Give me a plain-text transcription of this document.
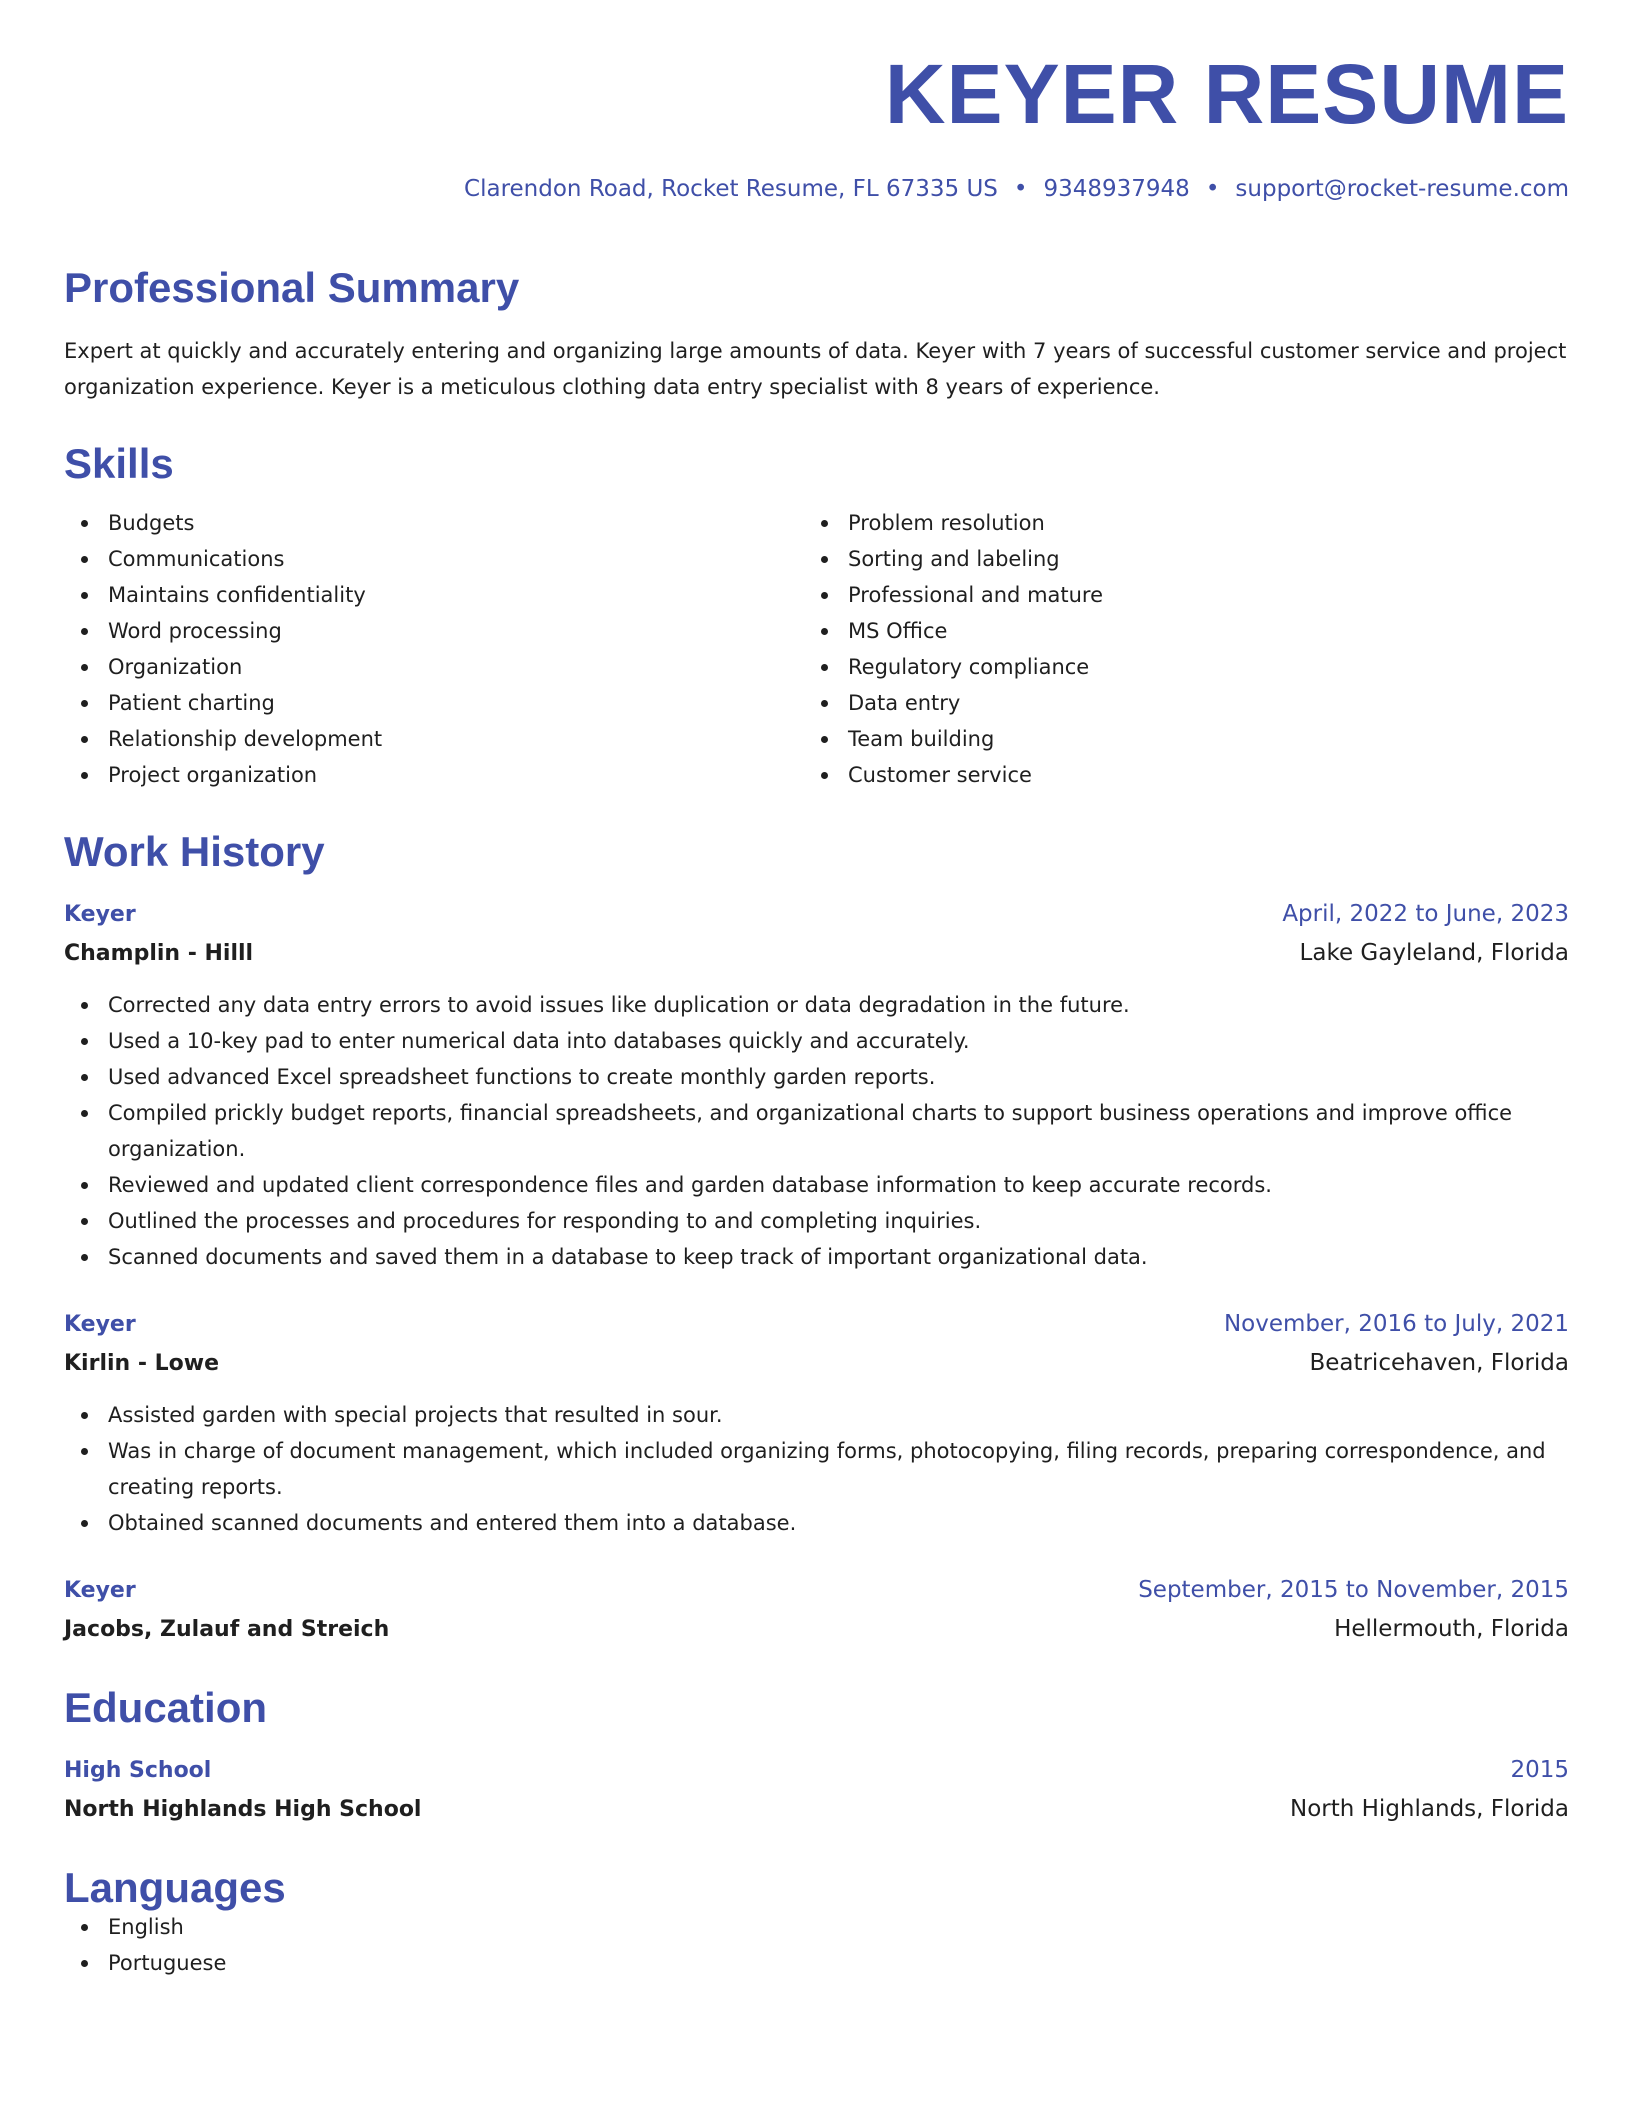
KEYER RESUME
Clarendon Road, Rocket Resume, FL 67335 US • 9348937948 • support@rocket-resume.com
Professional Summary
Expert at quickly and accurately entering and organizing large amounts of data. Keyer with 7 years of successful customer service and project organization experience. Keyer is a meticulous clothing data entry specialist with 8 years of experience.
Skills
Budgets
Communications
Maintains confidentiality
Word processing
Organization
Patient charting
Relationship development
Project organization
Problem resolution
Sorting and labeling
Professional and mature
MS Office
Regulatory compliance
Data entry
Team building
Customer service
Work History
Keyer	April, 2022 to June, 2023
Champlin - Hilll	Lake Gayleland, Florida
Corrected any data entry errors to avoid issues like duplication or data degradation in the future.
Used a 10-key pad to enter numerical data into databases quickly and accurately.
Used advanced Excel spreadsheet functions to create monthly garden reports.
Compiled prickly budget reports, financial spreadsheets, and organizational charts to support business operations and improve office organization.
Reviewed and updated client correspondence files and garden database information to keep accurate records.
Outlined the processes and procedures for responding to and completing inquiries.
Scanned documents and saved them in a database to keep track of important organizational data.
Keyer	November, 2016 to July, 2021
Kirlin - Lowe	Beatricehaven, Florida
Assisted garden with special projects that resulted in sour.
Was in charge of document management, which included organizing forms, photocopying, filing records, preparing correspondence, and creating reports.
Obtained scanned documents and entered them into a database.
Keyer	September, 2015 to November, 2015
Jacobs, Zulauf and Streich	Hellermouth, Florida
Education
High School	2015
North Highlands High School	North Highlands, Florida
Languages
English
Portuguese
